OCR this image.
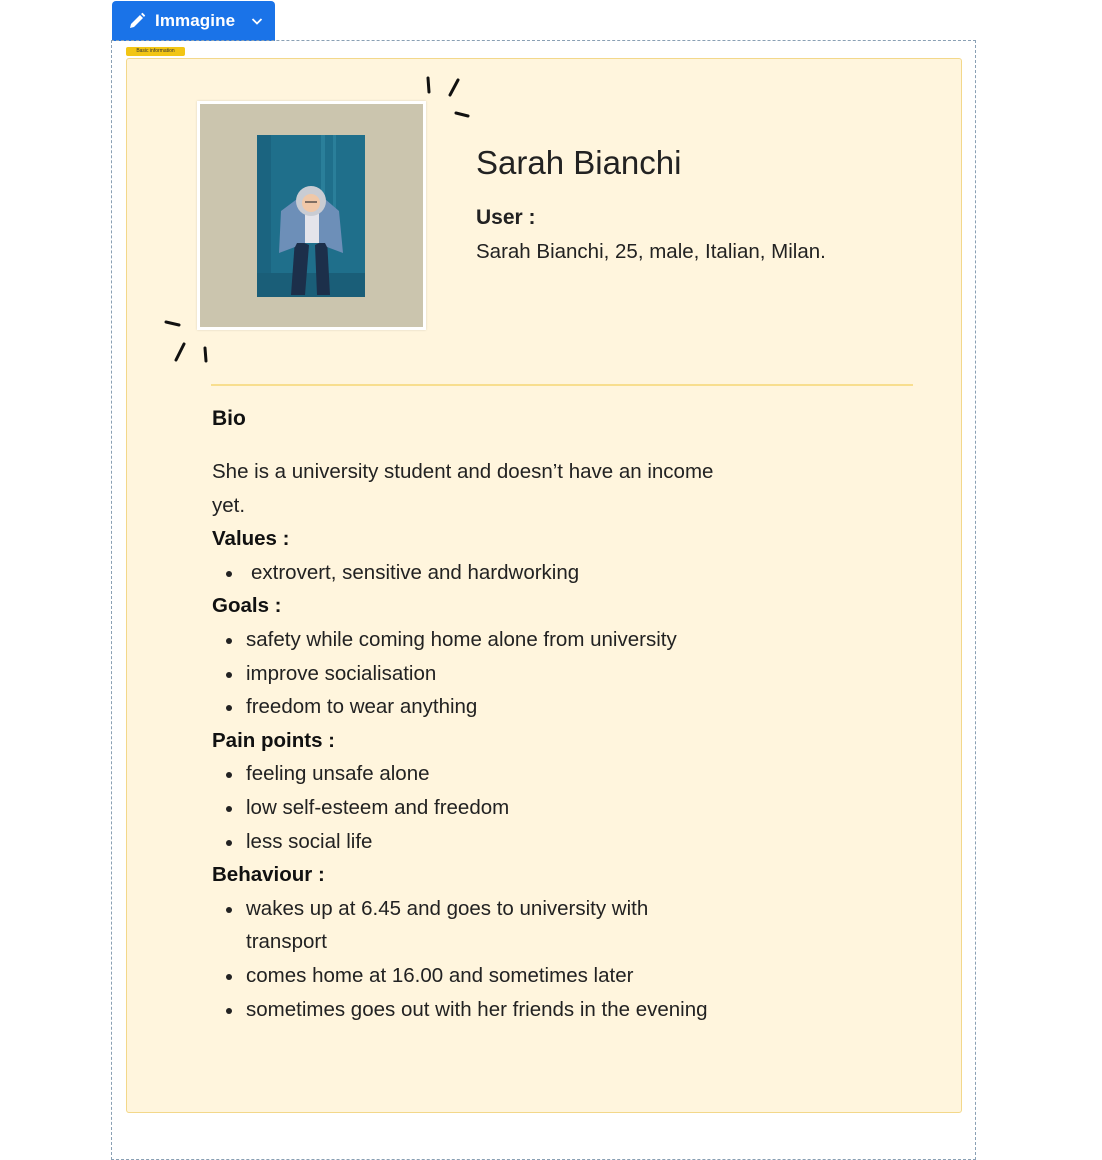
Immagine
Basic information
Sarah Bianchi
User :
Sarah Bianchi, 25, male, Italian, Milan.
Bio

She is a university student and doesn’t have an income yet.

Values :

extrovert, sensitive and hardworking

Goals :

safety while coming home alone from university
improve socialisation
freedom to wear anything

Pain points :

feeling unsafe alone
low self-esteem and freedom
less social life

Behaviour :

wakes up at 6.45 and goes to university with transport
comes home at 16.00 and sometimes later
sometimes goes out with her friends in the evening
